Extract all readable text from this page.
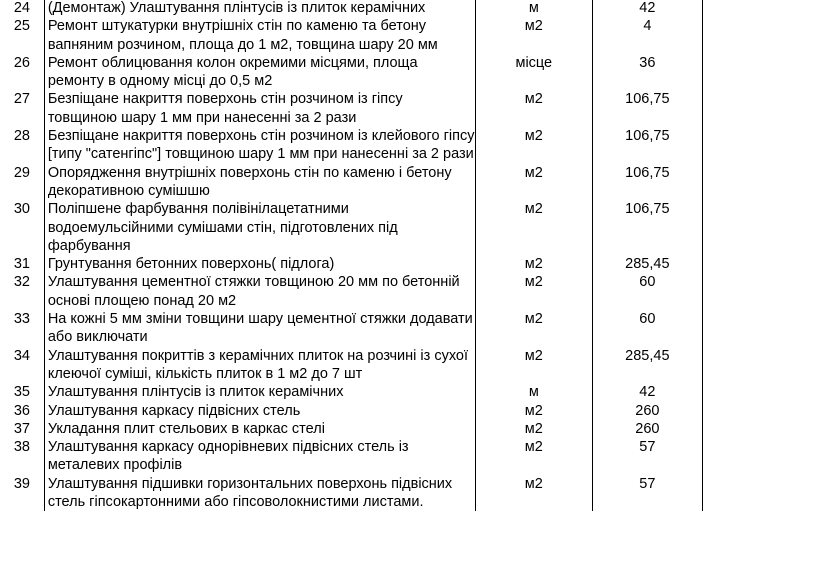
24	(Демонтаж) Улаштування плінтусів із плиток керамічних	м	42	
25	Ремонт штукатурки внутрішніх стін по каменю та бетону вапняним розчином, площа до 1 м2, товщина шару 20 мм	м2	4	
26	Ремонт облицювання колон окремими місцями, площа ремонту в одному місці до 0,5 м2	місце	36	
27	Безпіщане накриття поверхонь стін розчином із гіпсу товщиною шару 1 мм при нанесенні за 2 рази	м2	106,75	
28	Безпіщане накриття поверхонь стін розчином із клейового гіпсу [типу "сатенгіпс"] товщиною шару 1 мм при нанесенні за 2 рази	м2	106,75	
29	Опорядження внутрішніх поверхонь стін по каменю і бетону декоративною сумішшю	м2	106,75	
30	Поліпшене фарбування полівінілацетатними водоемульсійними сумішами стін, підготовлених під фарбування	м2	106,75	
31	Грунтування бетонних поверхонь( підлога)	м2	285,45	
32	Улаштування цементної стяжки товщиною 20 мм по бетонній основі площею понад 20 м2	м2	60	
33	На кожні 5 мм зміни товщини шару цементної стяжки додавати або виключати	м2	60	
34	Улаштування покриттів з керамічних плиток на розчині із сухої клеючої суміші, кількість плиток в 1 м2 до 7 шт	м2	285,45	
35	Улаштування плінтусів із плиток керамічних	м	42	
36	Улаштування каркасу підвісних стель	м2	260	
37	Укладання плит стельових в каркас стелі	м2	260	
38	Улаштування каркасу однорівневих підвісних стель із металевих профілів	м2	57	
39	Улаштування підшивки горизонтальних поверхонь підвісних стель гіпсокартонними або гіпсоволокнистими листами.	м2	57	
